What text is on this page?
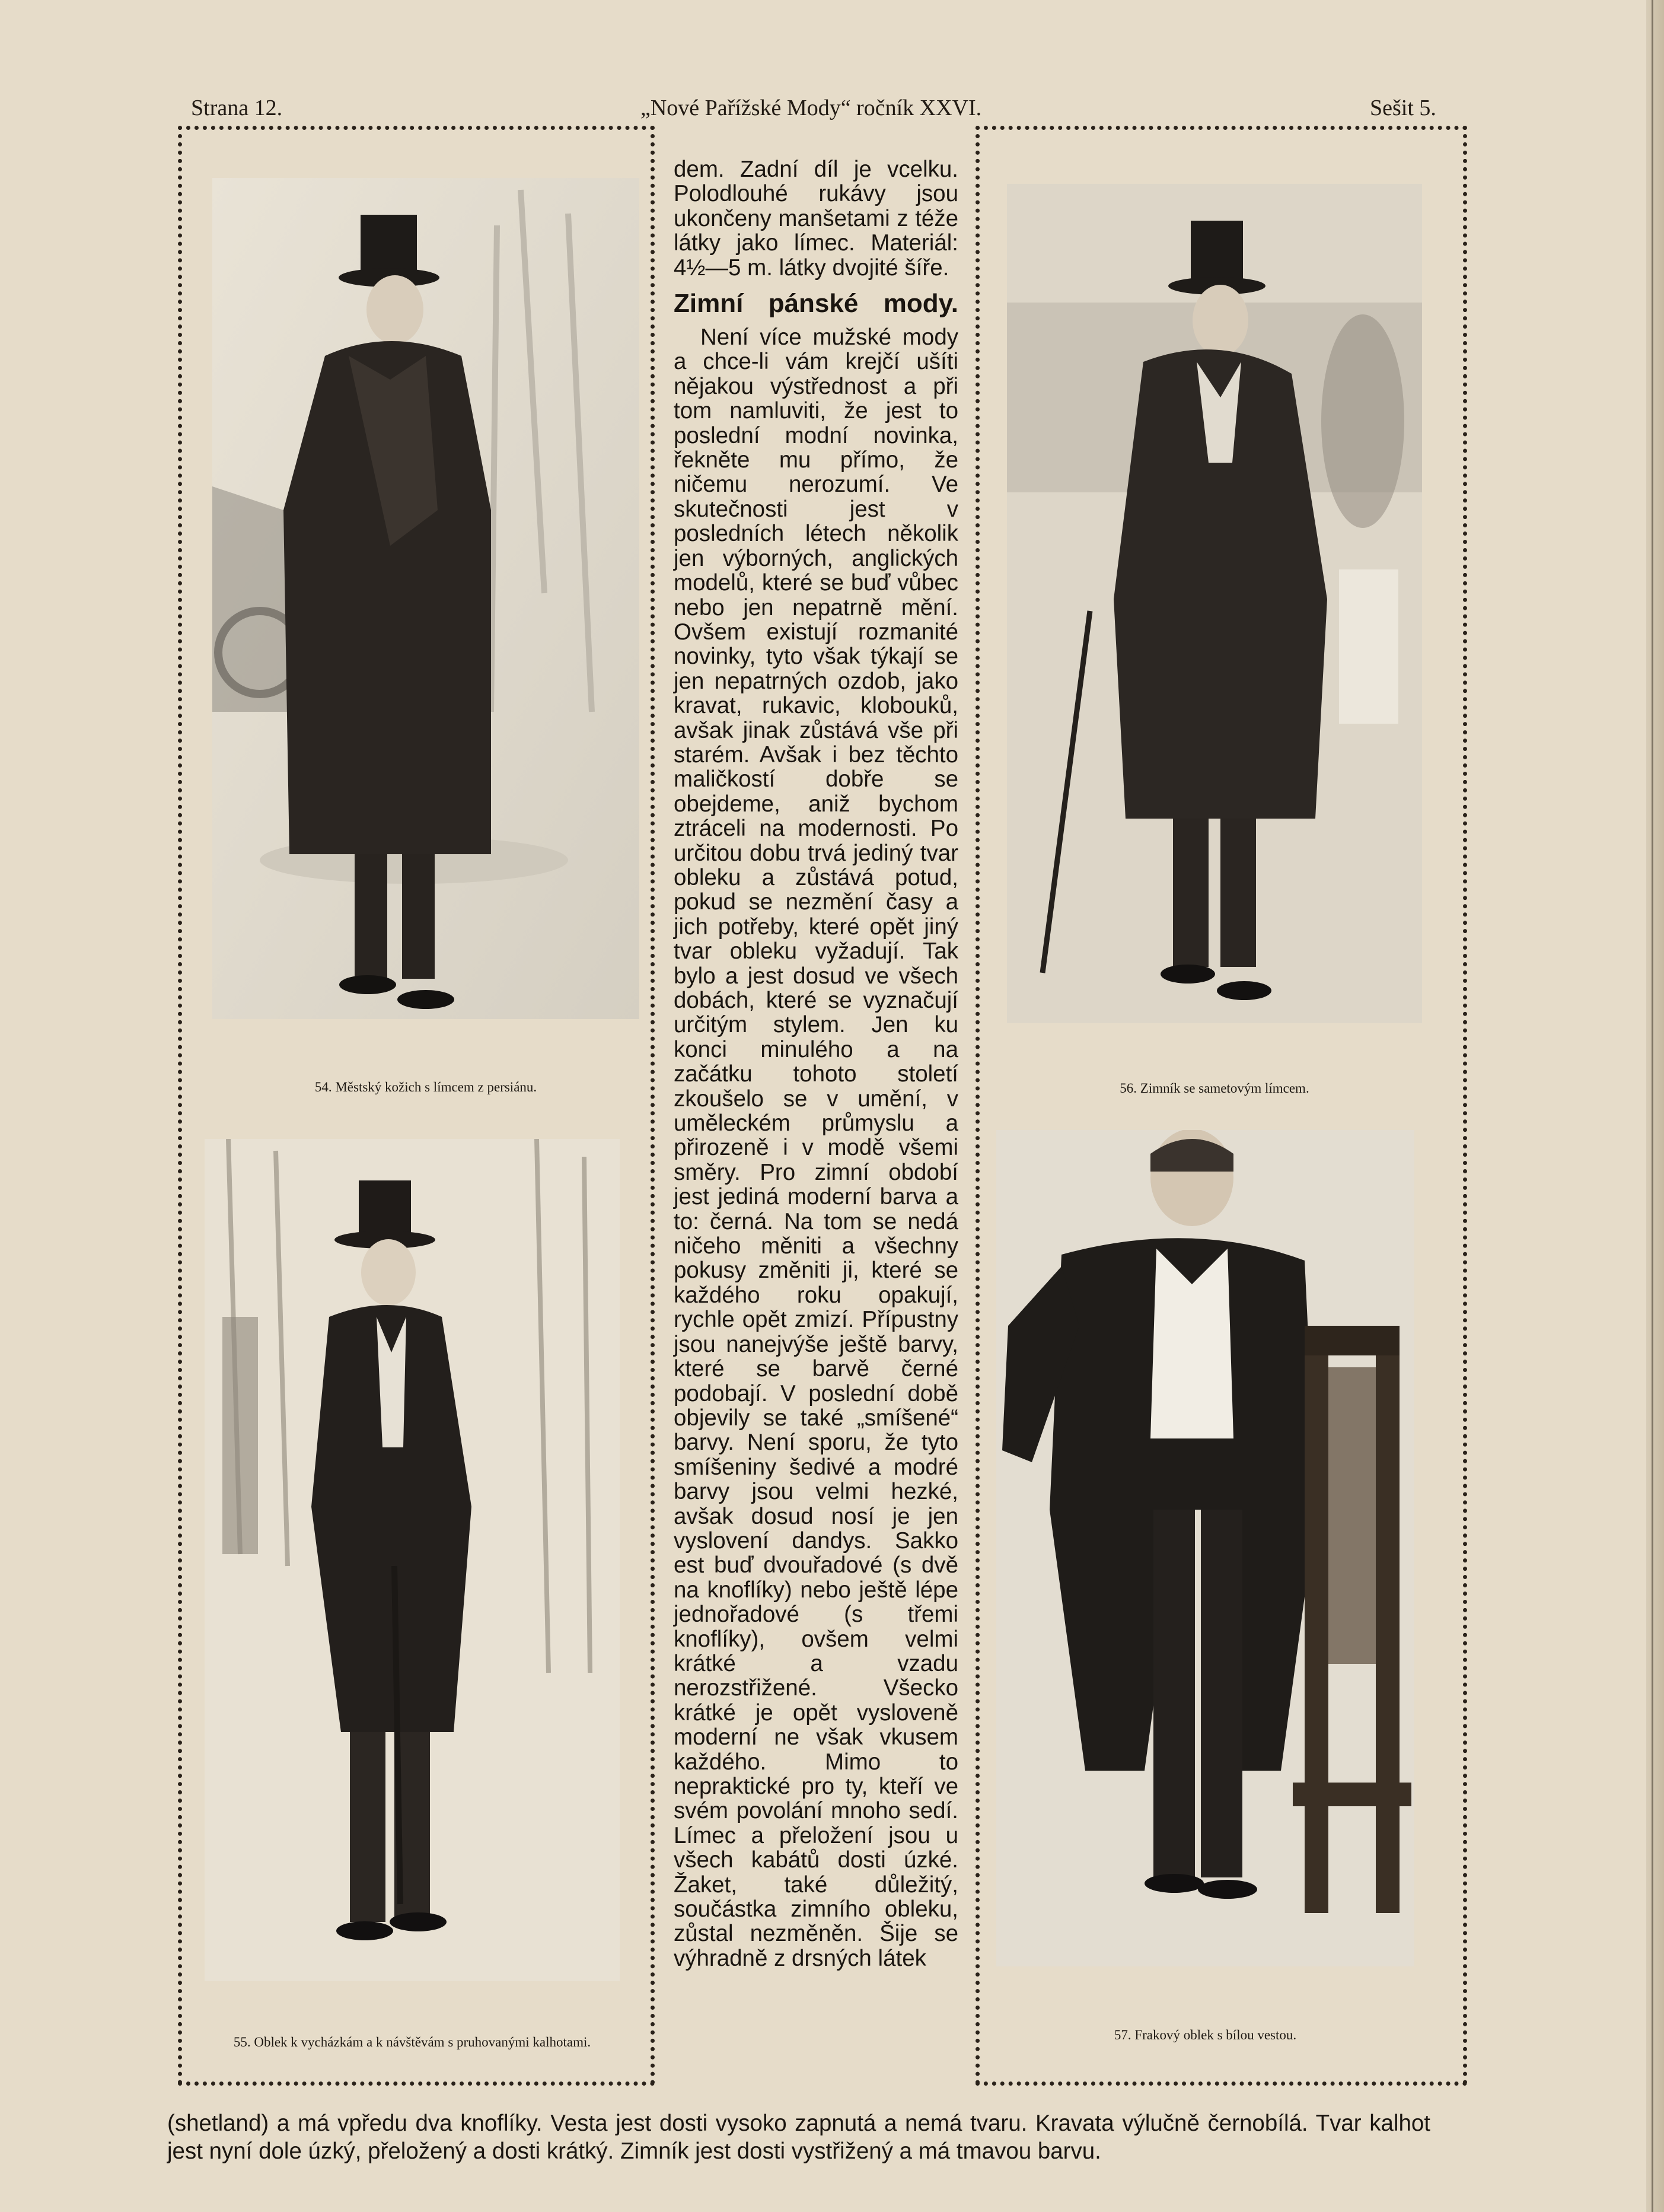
Strana 12.	„Nové Pařížské Mody“ ročník XXVI.	Sešit 5.
54. Městský kožich s límcem z persiánu.
55. Oblek k vycházkám a k návštěvám s pruhovanými kalhotami.
56. Zimník se sametovým límcem.
57. Frakový oblek s bílou vestou.

dem. Zadní díl je vcelku. Polodlouhé rukávy jsou ukončeny manšetami z téže látky jako límec. Materiál: 4½—5 m. látky dvojité šíře.

Zimní pánské mody.

Není více mužské mody a chce-li vám krejčí ušíti nějakou výstřednost a při tom namluviti, že jest to poslední modní novinka, řekněte mu přímo, že ničemu nerozumí. Ve skutečnosti jest v posledních létech několik jen výborných, anglických modelů, které se buď vůbec nebo jen nepatrně mění. Ovšem existují rozmanité novinky, tyto však týkají se jen nepatrných ozdob, jako kravat, rukavic, klobouků, avšak jinak zůstává vše při starém. Avšak i bez těchto maličkostí dobře se obejdeme, aniž bychom ztráceli na modernosti. Po určitou dobu trvá jediný tvar obleku a zůstává potud, pokud se nezmění časy a jich potřeby, které opět jiný tvar obleku vyžadují. Tak bylo a jest dosud ve všech dobách, které se vyznačují určitým stylem. Jen ku konci minulého a na začátku tohoto století zkoušelo se v umění, v uměleckém průmyslu a přirozeně i v modě všemi směry. Pro zimní období jest jediná moderní barva a to: černá. Na tom se nedá ničeho měniti a všechny pokusy změniti ji, které se každého roku opakují, rychle opět zmizí. Přípustny jsou nanejvýše ještě barvy, které se barvě černé podobají. V poslední době objevily se také „smíšené“ barvy. Není sporu, že tyto smíšeniny šedivé a modré barvy jsou velmi hezké, avšak dosud nosí je jen vyslovení dandys. Sakko est buď dvouřadové (s dvě na knoflíky) nebo ještě lépe jednořadové (s třemi knoflíky), ovšem velmi krátké a vzadu nerozstřižené. Všecko krátké je opět vysloveně moderní ne však vkusem každého. Mimo to nepraktické pro ty, kteří ve svém povolání mnoho sedí. Límec a přeložení jsou u všech kabátů dosti úzké. Žaket, také důležitý, součástka zimního obleku, zůstal nezměněn. Šije se výhradně z drsných látek

(shetland) a má vpředu dva knoflíky. Vesta jest dosti vysoko zapnutá a nemá tvaru. Kravata výlučně černobílá. Tvar kalhot jest nyní dole úzký, přeložený a dosti krátký. Zimník jest dosti vystřižený a má tmavou barvu.
